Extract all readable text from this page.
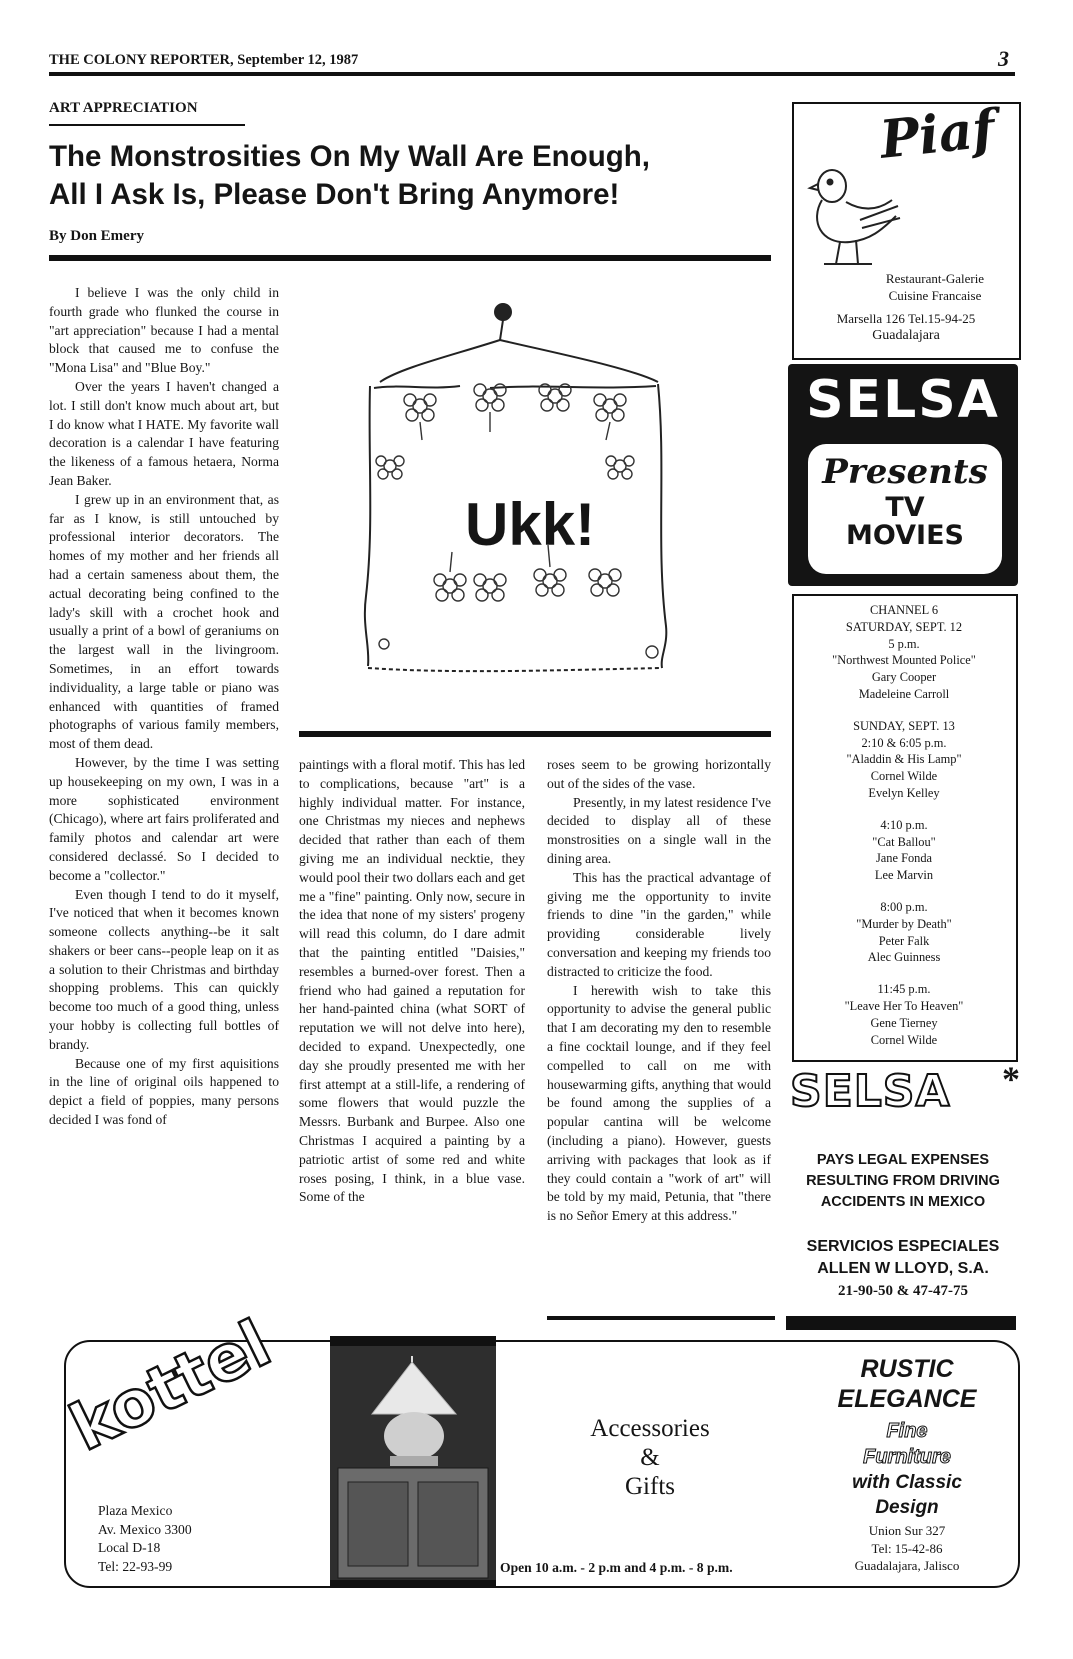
THE COLONY REPORTER, September 12, 1987	3
ART APPRECIATION
The Monstrosities On My Wall Are Enough,
All I Ask Is, Please Don't Bring Anymore!
By Don Emery

I believe I was the only child in fourth grade who flunked the course in "art appreciation" because I had a mental block that caused me to confuse the "Mona Lisa" and "Blue Boy."

Over the years I haven't changed a lot. I still don't know much about art, but I do know what I HATE. My favorite wall decoration is a calendar I have featuring the likeness of a famous hetaera, Norma Jean Baker.

I grew up in an environment that, as far as I know, is still untouched by professional interior decorators. The homes of my mother and her friends all had a certain sameness about them, the actual decorating being confined to the lady's skill with a crochet hook and usually a print of a bowl of geraniums on the largest wall in the livingroom. Sometimes, in an effort towards individuality, a large table or piano was enhanced with quantities of framed photographs of various family members, most of them dead.

However, by the time I was setting up housekeeping on my own, I was in a more sophisticated environment (Chicago), where art fairs proliferated and family photos and calendar art were considered declassé. So I decided to become a "collector."

Even though I tend to do it myself, I've noticed that when it becomes known someone collects anything--be it salt shakers or beer cans--people leap on it as a solution to their Christmas and birthday shopping problems. This can quickly become too much of a good thing, unless your hobby is collecting full bottles of brandy.

Because one of my first aquisitions in the line of original oils happened to depict a field of poppies, many persons decided I was fond of

Ukk!

paintings with a floral motif. This has led to complications, because "art" is a highly individual matter. For instance, one Christmas my nieces and nephews decided that rather than each of them giving me an individual necktie, they would pool their two dollars each and get me a "fine" painting. Only now, secure in the idea that none of my sisters' progeny will read this column, do I dare admit that the painting entitled "Daisies," resembles a burned-over forest. Then a friend who had gained a reputation for her hand-painted china (what SORT of reputation we will not delve into here), decided to expand. Unexpectedly, one day she proudly presented me with her first attempt at a still-life, a rendering of some flowers that would puzzle the Messrs. Burbank and Burpee. Also one Christmas I acquired a painting by a patriotic artist of some red and white roses posing, I think, in a blue vase. Some of the

roses seem to be growing horizontally out of the sides of the vase.

Presently, in my latest residence I've decided to display all of these monstrosities on a single wall in the dining area.

This has the practical advantage of giving me the opportunity to invite friends to dine "in the garden," while providing considerable lively conversation and keeping my friends too distracted to criticize the food.

I herewith wish to take this opportunity to advise the general public that I am decorating my den to resemble a fine cocktail lounge, and if they feel compelled to call on me with housewarming gifts, anything that would be found among the supplies of a popular cantina will be welcome (including a piano). However, guests arriving with packages that look as if they could contain a "work of art" will be told by my maid, Petunia, that "there is no Señor Emery at this address."

Piaf
Restaurant-Galerie
Cuisine Francaise
Marsella 126 Tel.15-94-25
Guadalajara
SELSA
Presents
TV
MOVIES
CHANNEL 6
SATURDAY, SEPT. 12
5 p.m.
"Northwest Mounted Police"
Gary Cooper
Madeleine Carroll
SUNDAY, SEPT. 13
2:10 & 6:05 p.m.
"Aladdin & His Lamp"
Cornel Wilde
Evelyn Kelley
4:10 p.m.
"Cat Ballou"
Jane Fonda
Lee Marvin
8:00 p.m.
"Murder by Death"
Peter Falk
Alec Guinness
11:45 p.m.
"Leave Her To Heaven"
Gene Tierney
Cornel Wilde
SELSA *
PAYS LEGAL EXPENSES
RESULTING FROM DRIVING
ACCIDENTS IN MEXICO
SERVICIOS ESPECIALES
ALLEN W LLOYD, S.A.
21-90-50 & 47-47-75
kottel
Plaza Mexico
Av. Mexico 3300
Local D-18
Tel: 22-93-99
Accessories
&
Gifts
Open 10 a.m. - 2 p.m and 4 p.m. - 8 p.m.
RUSTIC
ELEGANCE
Fine
Furniture
with Classic
Design
Union Sur 327
Tel: 15-42-86
Guadalajara, Jalisco
